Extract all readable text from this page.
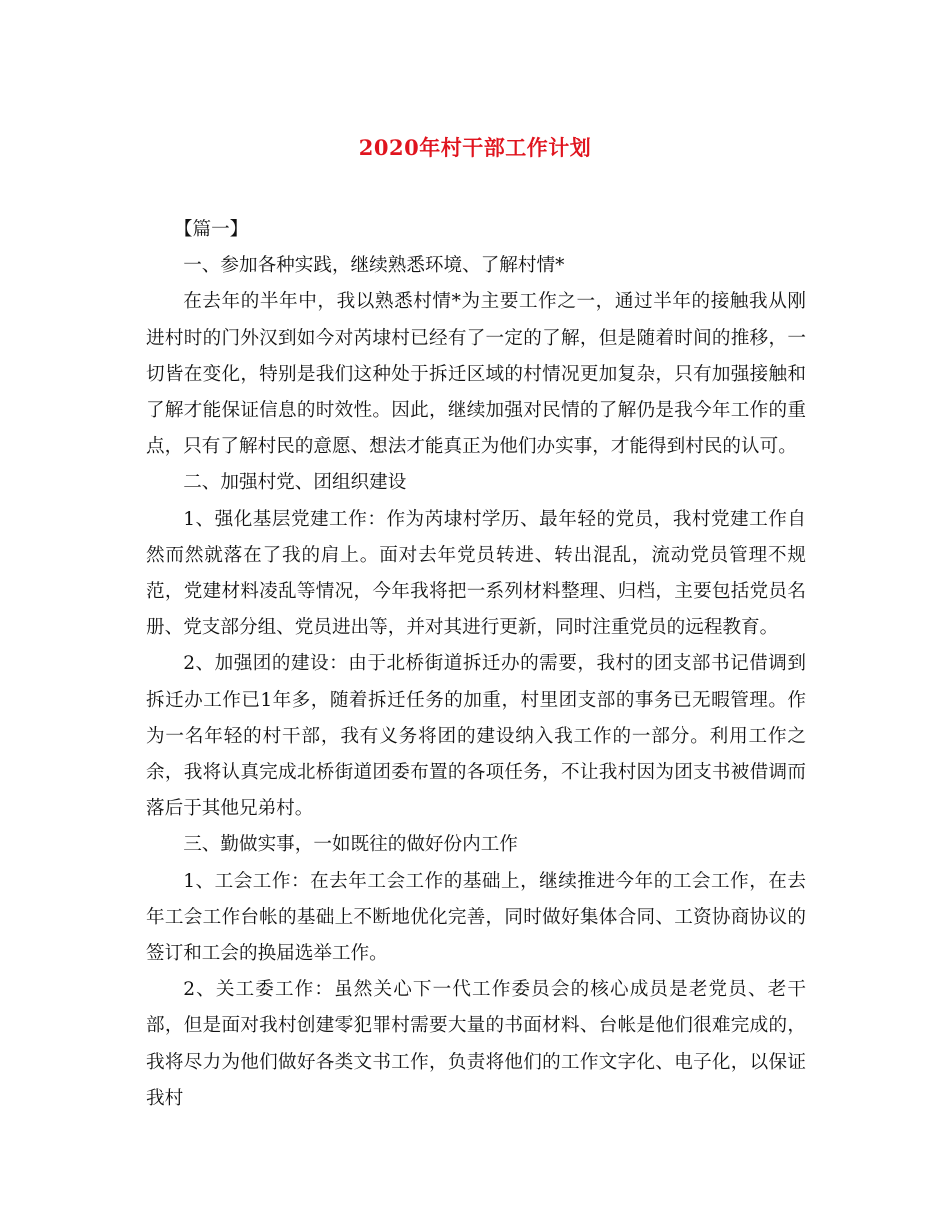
2020年村干部工作计划

【篇一】

一、参加各种实践，继续熟悉环境、了解村情*

在去年的半年中，我以熟悉村情*为主要工作之一，通过半年的接触我从刚进村时的门外汉到如今对芮埭村已经有了一定的了解，但是随着时间的推移，一切皆在变化，特别是我们这种处于拆迁区域的村情况更加复杂，只有加强接触和了解才能保证信息的时效性。因此，继续加强对民情的了解仍是我今年工作的重点，只有了解村民的意愿、想法才能真正为他们办实事，才能得到村民的认可。

二、加强村党、团组织建设

1、强化基层党建工作：作为芮埭村学历、最年轻的党员，我村党建工作自然而然就落在了我的肩上。面对去年党员转进、转出混乱，流动党员管理不规范，党建材料凌乱等情况，今年我将把一系列材料整理、归档，主要包括党员名册、党支部分组、党员进出等，并对其进行更新，同时注重党员的远程教育。

2、加强团的建设：由于北桥街道拆迁办的需要，我村的团支部书记借调到拆迁办工作已1年多，随着拆迁任务的加重，村里团支部的事务已无暇管理。作为一名年轻的村干部，我有义务将团的建设纳入我工作的一部分。利用工作之余，我将认真完成北桥街道团委布置的各项任务，不让我村因为团支书被借调而落后于其他兄弟村。

三、勤做实事，一如既往的做好份内工作

1、工会工作：在去年工会工作的基础上，继续推进今年的工会工作，在去年工会工作台帐的基础上不断地优化完善，同时做好集体合同、工资协商协议的签订和工会的换届选举工作。

2、关工委工作：虽然关心下一代工作委员会的核心成员是老党员、老干部，但是面对我村创建零犯罪村需要大量的书面材料、台帐是他们很难完成的，我将尽力为他们做好各类文书工作，负责将他们的工作文字化、电子化，以保证我村
